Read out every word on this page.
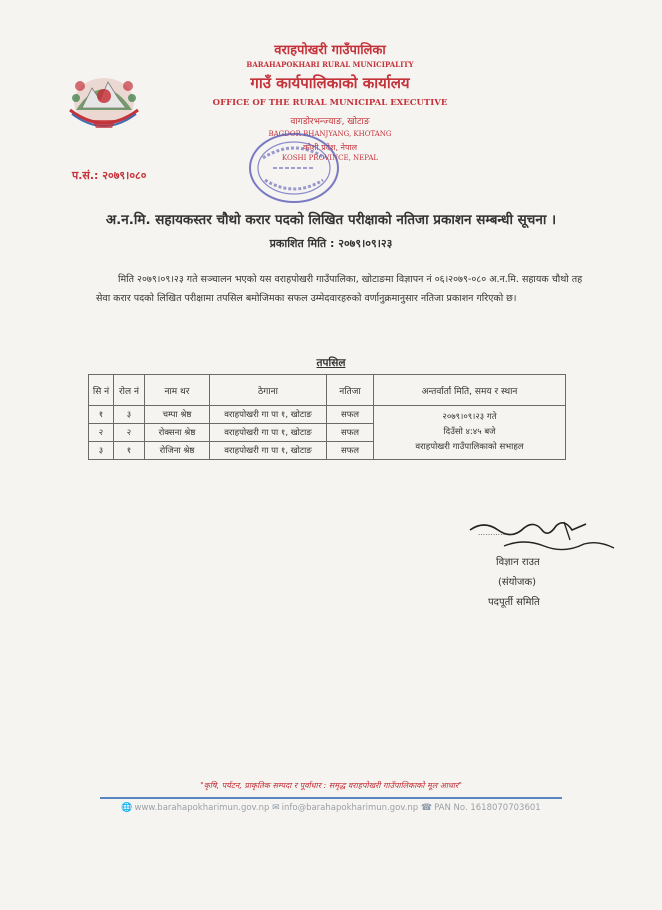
वराहपोखरी गाउँपालिका
BARAHAPOKHARI RURAL MUNICIPALITY
गाउँ कार्यपालिकाको कार्यालय
OFFICE OF THE RURAL MUNICIPAL EXECUTIVE
वागडोरभन्ज्याङ, खोटाङ
BAGDOR BHANJYANG, KHOTANG
कोशी प्रदेश, नेपाल
KOSHI PROVINCE, NEPAL
प.सं.: २०७९।०८०
अ.न.मि. सहायकस्तर चौथो करार पदको लिखित परीक्षाको नतिजा प्रकाशन सम्बन्धी सूचना ।
प्रकाशित मिति : २०७९।०९।२३
मिति २०७९।०९।२३ गते सञ्चालन भएको यस वराहपोखरी गाउँपालिका, खोटाङमा विज्ञापन नं ०६।२०७९-०८० अ.न.मि. सहायक चौथो तह सेवा करार पदको लिखित परीक्षामा तपसिल बमोजिमका सफल उम्मेदवारहरुको वर्णानुक्रमानुसार नतिजा प्रकाशन गरिएको छ।
तपसिल
सि नं	रोल नं	नाम थर	ठेगाना	नतिजा	अन्तर्वार्ता मिति, समय र स्थान
१	३	चम्पा श्रेष्ठ	वराहपोखरी गा पा १, खोटाङ	सफल	२०७९।०९।२३ गते
दिउँसो ४:४५ बजे
वराहपोखरी गाउँपालिकाको सभाहल

२	२	रोक्सना श्रेष्ठ	वराहपोखरी गा पा १, खोटाङ	सफल	
३	१	रोजिना श्रेष्ठ	वराहपोखरी गा पा १, खोटाङ	सफल	
……………
विज्ञान राउत
(संयोजक)
पदपूर्ती समिति
"कृषि, पर्यटन, प्राकृतिक सम्पदा र पूर्वाधार : समृद्ध वराहपोखरी गाउँपालिकाको मूल आधार"
🌐 www.barahapokharimun.gov.np ✉ info@barahapokharimun.gov.np ☎ PAN No. 1618070703601
